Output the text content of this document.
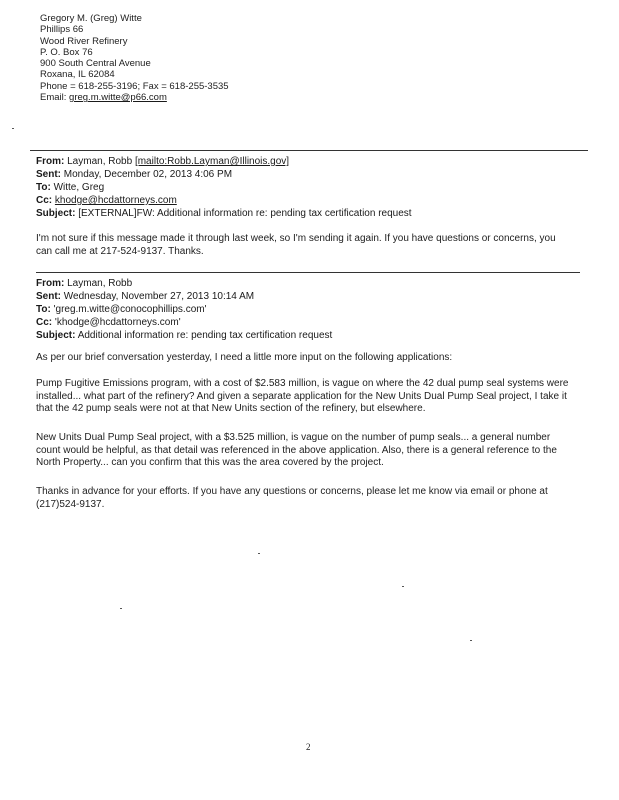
Gregory M. (Greg) Witte
Phillips 66
Wood River Refinery
P. O. Box 76
900 South Central Avenue
Roxana, IL 62084
Phone = 618-255-3196; Fax = 618-255-3535
Email: greg.m.witte@p66.com
From: Layman, Robb [mailto:Robb.Layman@Illinois.gov]
Sent: Monday, December 02, 2013 4:06 PM
To: Witte, Greg
Cc: khodge@hcdattorneys.com
Subject: [EXTERNAL]FW: Additional information re: pending tax certification request
I'm not sure if this message made it through last week, so I'm sending it again. If you have questions or concerns, you can call me at 217-524-9137. Thanks.
From: Layman, Robb
Sent: Wednesday, November 27, 2013 10:14 AM
To: 'greg.m.witte@conocophillips.com'
Cc: 'khodge@hcdattorneys.com'
Subject: Additional information re: pending tax certification request
As per our brief conversation yesterday, I need a little more input on the following applications:
Pump Fugitive Emissions program, with a cost of $2.583 million, is vague on where the 42 dual pump seal systems were installed... what part of the refinery? And given a separate application for the New Units Dual Pump Seal project, I take it that the 42 pump seals were not at that New Units section of the refinery, but elsewhere.
New Units Dual Pump Seal project, with a $3.525 million, is vague on the number of pump seals... a general number count would be helpful, as that detail was referenced in the above application. Also, there is a general reference to the North Property... can you confirm that this was the area covered by the project.
Thanks in advance for your efforts. If you have any questions or concerns, please let me know via email or phone at (217)524-9137.
2
